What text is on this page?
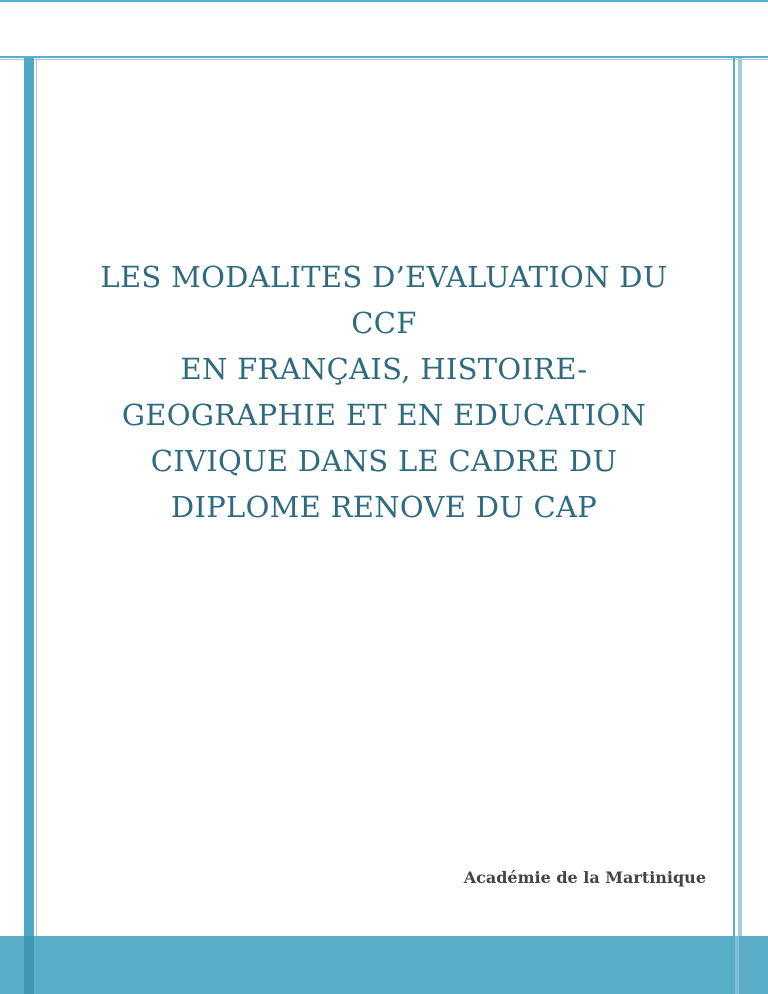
LES MODALITES D’EVALUATION DU
CCF
EN FRANÇAIS, HISTOIRE-
GEOGRAPHIE ET EN EDUCATION
CIVIQUE DANS LE CADRE DU
DIPLOME RENOVE DU CAP
Académie de la Martinique
